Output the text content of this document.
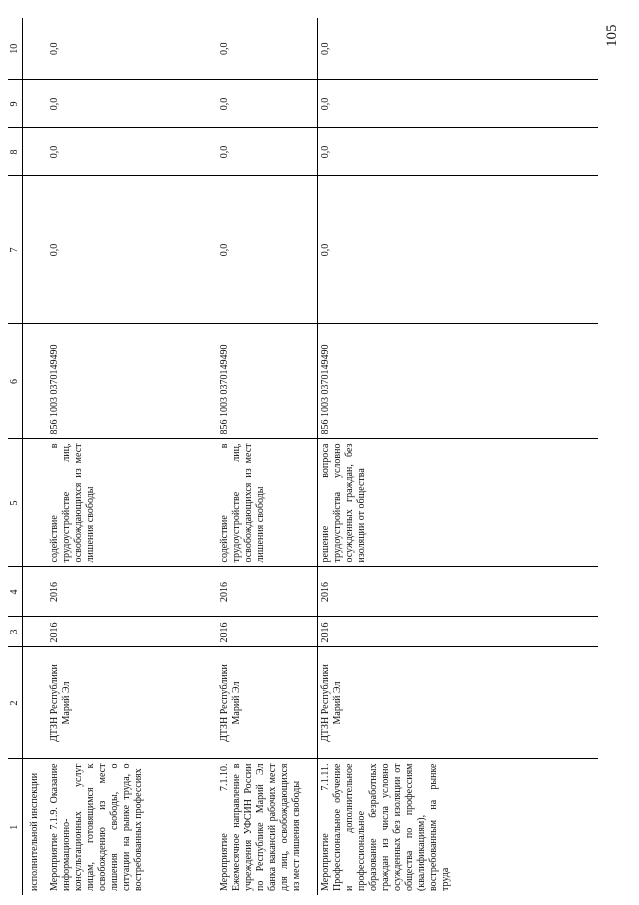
105
1	2	3	4	5	6	7	8	9	10
исполнительной инспекции									
Мероприятие 7.1.9. Оказание информационно-консультационных услуг лицам, готовящимся к освобождению из мест лишения свободы, о ситуации на рынке труда, о востребованных профессиях	ДТЗН Республики Марий Эл	2016	2016	содействие в трудоустройстве лиц, освобождающихся из мест лишения свободы	856 1003 0370149490	0,0	0,0	0,0	0,0
Мероприятие 7.1.10. Ежемесячное направление в учреждения УФСИН России по Республике Марий Эл банка вакансий рабочих мест для лиц, освобождающихся из мест лишения свободы	ДТЗН Республики Марий Эл	2016	2016	содействие в трудоустройстве лиц, освобождающихся из мест лишения свободы	856 1003 0370149490	0,0	0,0	0,0	0,0
Мероприятие 7.1.11. Профессиональное обучение и дополнительное профессиональное образование безработных граждан из числа условно осужденных без изоляции от общества по профессиям (квалификациям), востребованным на рынке труда	ДТЗН Республики Марий Эл	2016	2016	решение вопроса трудоустройства условно осужденных граждан, без изоляции от общества	856 1003 0370149490	0,0	0,0	0,0	0,0
